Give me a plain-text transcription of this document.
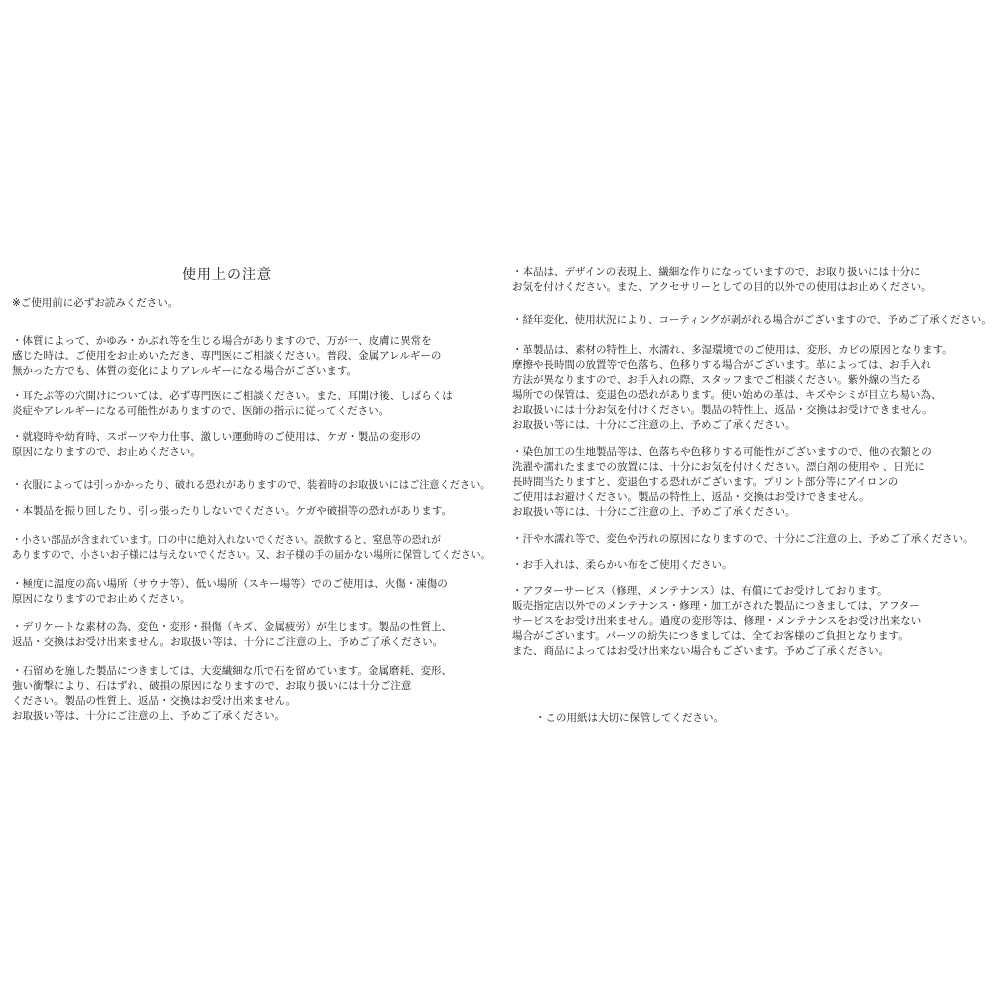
使用上の注意
※ご使用前に必ずお読みください。
・体質によって、かゆみ・かぶれ等を生じる場合がありますので、万が一、皮膚に異常を
感じた時は、ご使用をお止めいただき、専門医にご相談ください。普段、金属アレルギーの
無かった方でも、体質の変化によりアレルギーになる場合がございます。
・耳たぶ等の穴開けについては、必ず専門医にご相談ください。また、耳開け後、しばらくは
炎症やアレルギーになる可能性がありますので、医師の指示に従ってください。
・就寝時や幼育時、スポーツや力仕事、激しい運動時のご使用は、ケガ・製品の変形の
原因になりますので、お止めください。
・衣服によっては引っかかったり、破れる恐れがありますので、装着時のお取扱いにはご注意ください。
・本製品を振り回したり、引っ張ったりしないでください。ケガや破損等の恐れがあります。
・小さい部品が含まれています。口の中に絶対入れないでください。誤飲すると、窒息等の恐れが
ありますので、小さいお子様には与えないでください。又、お子様の手の届かない場所に保管してください。
・極度に温度の高い場所（サウナ等）、低い場所（スキー場等）でのご使用は、火傷・凍傷の
原因になりますのでお止めください。
・デリケートな素材の為、変色・変形・損傷（キズ、金属疲労）が生じます。製品の性質上、
返品・交換はお受け出来ません。お取扱い等は、十分にご注意の上、予めご了承ください。
・石留めを施した製品につきましては、大変繊細な爪で石を留めています。金属磨耗、変形、
強い衝撃により、石はずれ、破損の原因になりますので、お取り扱いには十分ご注意
ください。製品の性質上、返品・交換はお受け出来ません。
お取扱い等は、十分にご注意の上、予めご了承ください。
・本品は、デザインの表現上、繊細な作りになっていますので、お取り扱いには十分に
お気を付けください。また、アクセサリーとしての目的以外での使用はお止めください。
・経年変化、使用状況により、コーティングが剥がれる場合がございますので、予めご了承ください。
・革製品は、素材の特性上、水濡れ、多湿環境でのご使用は、変形、カビの原因となります。
摩擦や長時間の放置等で色落ち、色移りする場合がございます。革によっては、お手入れ
方法が異なりますので、お手入れの際、スタッフまでご相談ください。紫外線の当たる
場所での保管は、変退色の恐れがあります。使い始めの革は、キズやシミが目立ち易い為、
お取扱いには十分お気を付けください。製品の特性上、返品・交換はお受けできません。
お取扱い等には、十分にご注意の上、予めご了承ください。
・染色加工の生地製品等は、色落ちや色移りする可能性がございますので、他の衣類との
洗濯や濡れたままでの放置には、十分にお気を付けください。漂白剤の使用や 、日光に
長時間当たりますと、変退色する恐れがございます。プリント部分等にアイロンの
ご使用はお避けください。製品の特性上、返品・交換はお受けできません。
お取扱い等には、十分にご注意の上、予めご了承ください。
・汗や水濡れ等で、変色や汚れの原因になりますので、十分にご注意の上、予めご了承ください。
・お手入れは、柔らかい布をご使用ください。
・アフターサービス（修理、メンテナンス）は、有償にてお受けしております。
販売指定店以外でのメンテナンス・修理・加工がされた製品につきましては、アフター
サービスをお受け出来ません。過度の変形等は、修理・メンテナンスをお受け出来ない
場合がございます。パーツの紛失につきましては、全てお客様のご負担となります。
また、商品によってはお受け出来ない場合もございます。予めご了承ください。
・この用紙は大切に保管してください。
